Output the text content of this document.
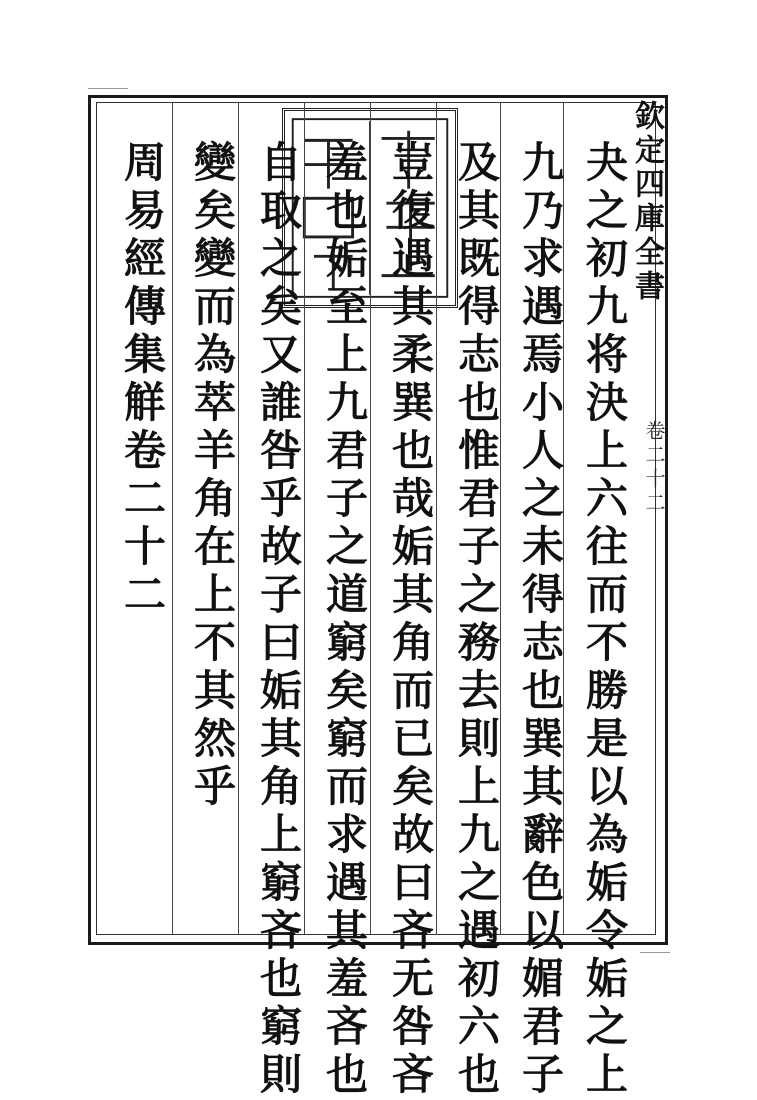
欽定四庫全書
卷二十二
夬之初九将決上六往而不勝是以為姤令姤之上
九乃求遇焉小人之未得志也巽其辭色以媚君子
及其既得志也惟君子之務去則上九之遇初六也
豈復遇其柔巽也哉姤其角而已矣故曰吝无咎吝
羞也姤至上九君子之道窮矣窮而求遇其羞吝也
自取之矣又誰咎乎故子曰姤其角上窮吝也窮則
變矣變而為萃羊角在上不其然乎
周易經傳集觧卷二十二
